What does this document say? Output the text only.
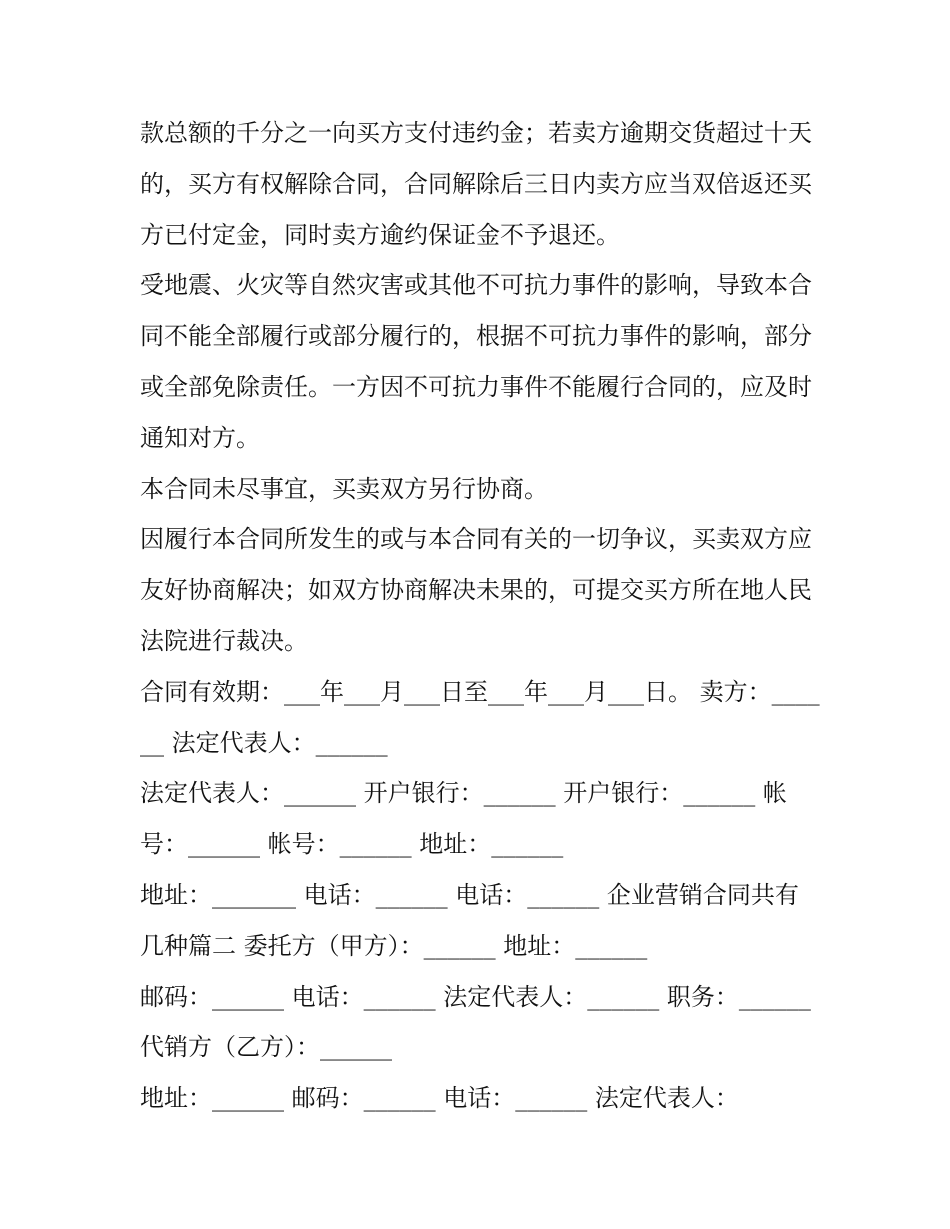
款总额的千分之一向买方支付违约金；若卖方逾期交货超过十天的，买方有权解除合同，合同解除后三日内卖方应当双倍返还买方已付定金，同时卖方逾约保证金不予退还。

受地震、火灾等自然灾害或其他不可抗力事件的影响，导致本合同不能全部履行或部分履行的，根据不可抗力事件的影响，部分或全部免除责任。一方因不可抗力事件不能履行合同的，应及时通知对方。

本合同未尽事宜，买卖双方另行协商。

因履行本合同所发生的或与本合同有关的一切争议，买卖双方应友好协商解决；如双方协商解决未果的，可提交买方所在地人民法院进行裁决。

合同有效期：___年___月___日至___年___月___日。 卖方：______ 法定代表人：______

法定代表人：______ 开户银行：______ 开户银行：______ 帐号：______ 帐号：______ 地址：______

地址：_______ 电话：______ 电话：______ 企业营销合同共有几种篇二 委托方（甲方）：______ 地址：______

邮码：______ 电话：______ 法定代表人：______ 职务：______ 代销方（乙方）：______

地址：______ 邮码：______ 电话：______ 法定代表人：
